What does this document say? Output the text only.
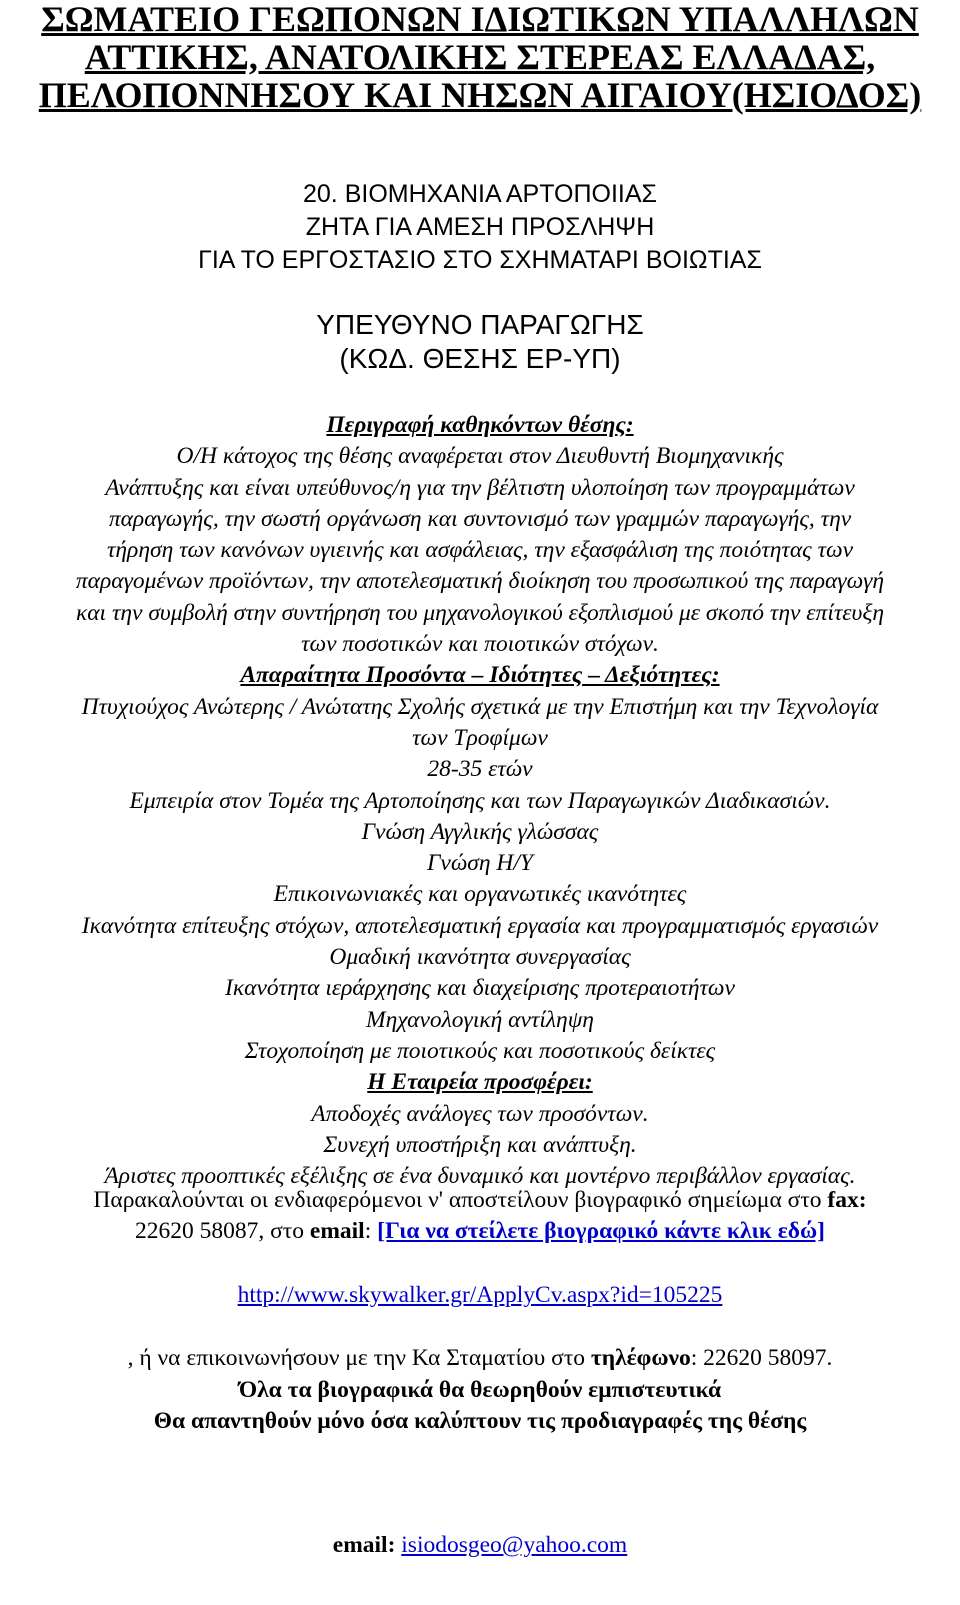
ΣΩΜΑΤΕΙΟ ΓΕΩΠΟΝΩΝ ΙΔΙΩΤΙΚΩΝ ΥΠΑΛΛΗΛΩΝ
ΑΤΤΙΚΗΣ, ΑΝΑΤΟΛΙΚΗΣ ΣΤΕΡΕΑΣ ΕΛΛΑΔΑΣ,
ΠΕΛΟΠΟΝΝΗΣΟΥ ΚΑΙ ΝΗΣΩΝ ΑΙΓΑΙΟΥ(ΗΣΙΟΔΟΣ)
20. ΒΙΟΜΗΧΑΝΙΑ ΑΡΤΟΠΟΙΙΑΣ
ΖΗΤΑ ΓΙΑ ΑΜΕΣΗ ΠΡΟΣΛΗΨΗ
ΓΙΑ ΤΟ ΕΡΓΟΣΤΑΣΙΟ ΣΤΟ ΣΧΗΜΑΤΑΡΙ ΒΟΙΩΤΙΑΣ
ΥΠΕΥΘΥΝΟ ΠΑΡΑΓΩΓΗΣ
(ΚΩΔ. ΘΕΣΗΣ ΕΡ-ΥΠ)
Περιγραφή καθηκόντων θέσης:
Ο/Η κάτοχος της θέσης αναφέρεται στον Διευθυντή Βιομηχανικής
Ανάπτυξης και είναι υπεύθυνος/η για την βέλτιστη υλοποίηση των προγραμμάτων
παραγωγής, την σωστή οργάνωση και συντονισμό των γραμμών παραγωγής, την
τήρηση των κανόνων υγιεινής και ασφάλειας, την εξασφάλιση της ποιότητας των
παραγομένων προϊόντων, την αποτελεσματική διοίκηση του προσωπικού της παραγωγή
και την συμβολή στην συντήρηση του μηχανολογικού εξοπλισμού με σκοπό την επίτευξη
των ποσοτικών και ποιοτικών στόχων.
Απαραίτητα Προσόντα – Ιδιότητες – Δεξιότητες:
Πτυχιούχος Ανώτερης / Ανώτατης Σχολής σχετικά με την Επιστήμη και την Τεχνολογία
των Τροφίμων
28-35 ετών
Εμπειρία στον Τομέα της Αρτοποίησης και των Παραγωγικών Διαδικασιών.
Γνώση Αγγλικής γλώσσας
Γνώση Η/Υ
Επικοινωνιακές και οργανωτικές ικανότητες
Ικανότητα επίτευξης στόχων, αποτελεσματική εργασία και προγραμματισμός εργασιών
Ομαδική ικανότητα συνεργασίας
Ικανότητα ιεράρχησης και διαχείρισης προτεραιοτήτων
Μηχανολογική αντίληψη
Στοχοποίηση με ποιοτικούς και ποσοτικούς δείκτες
Η Εταιρεία προσφέρει:
Αποδοχές ανάλογες των προσόντων.
Συνεχή υποστήριξη και ανάπτυξη.
Άριστες προοπτικές εξέλιξης σε ένα δυναμικό και μοντέρνο περιβάλλον εργασίας.
Παρακαλούνται οι ενδιαφερόμενοι ν' αποστείλουν βιογραφικό σημείωμα στο fax:
22620 58087, στο email: [Για να στείλετε βιογραφικό κάντε κλικ εδώ]
http://www.skywalker.gr/ApplyCv.aspx?id=105225
, ή να επικοινωνήσουν με την Κα Σταματίου στο τηλέφωνο: 22620 58097.
Όλα τα βιογραφικά θα θεωρηθούν εμπιστευτικά
Θα απαντηθούν μόνο όσα καλύπτουν τις προδιαγραφές της θέσης
email: isiodosgeo@yahoo.com
